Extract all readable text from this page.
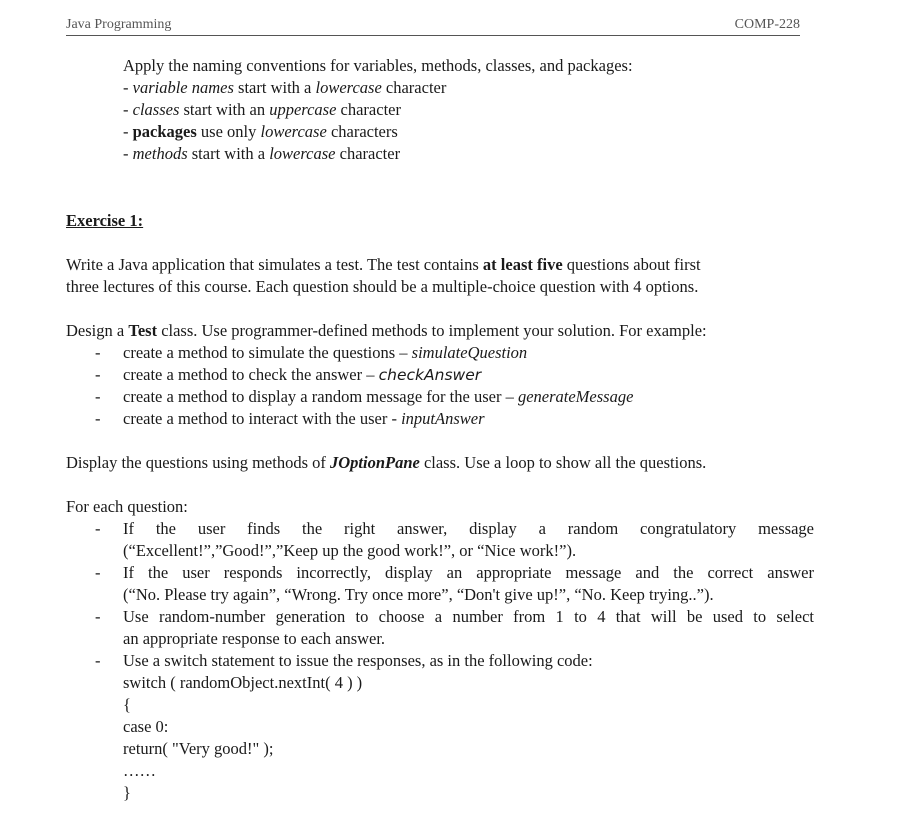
Java Programming	COMP-228
Apply the naming conventions for variables, methods, classes, and packages:
- variable names start with a lowercase character
- classes start with an uppercase character
- packages use only lowercase characters
- methods start with a lowercase character
Exercise 1:
Write a Java application that simulates a test. The test contains at least five questions about first
three lectures of this course. Each question should be a multiple-choice question with 4 options.
Design a Test class. Use programmer-defined methods to implement your solution. For example:
- create a method to simulate the questions – simulateQuestion
- create a method to check the answer – checkAnswer
- create a method to display a random message for the user – generateMessage
- create a method to interact with the user - inputAnswer
Display the questions using methods of JOptionPane class. Use a loop to show all the questions.
For each question:
- If the user finds the right answer, display a random congratulatory message
(“Excellent!”,”Good!”,”Keep up the good work!”, or “Nice work!”).
- If the user responds incorrectly, display an appropriate message and the correct answer
(“No. Please try again”, “Wrong. Try once more”, “Don't give up!”, “No. Keep trying..”).
- Use random-number generation to choose a number from 1 to 4 that will be used to select
an appropriate response to each answer.
- Use a switch statement to issue the responses, as in the following code:
switch ( randomObject.nextInt( 4 ) )
{
case 0:
return( "Very good!" );
……
}
